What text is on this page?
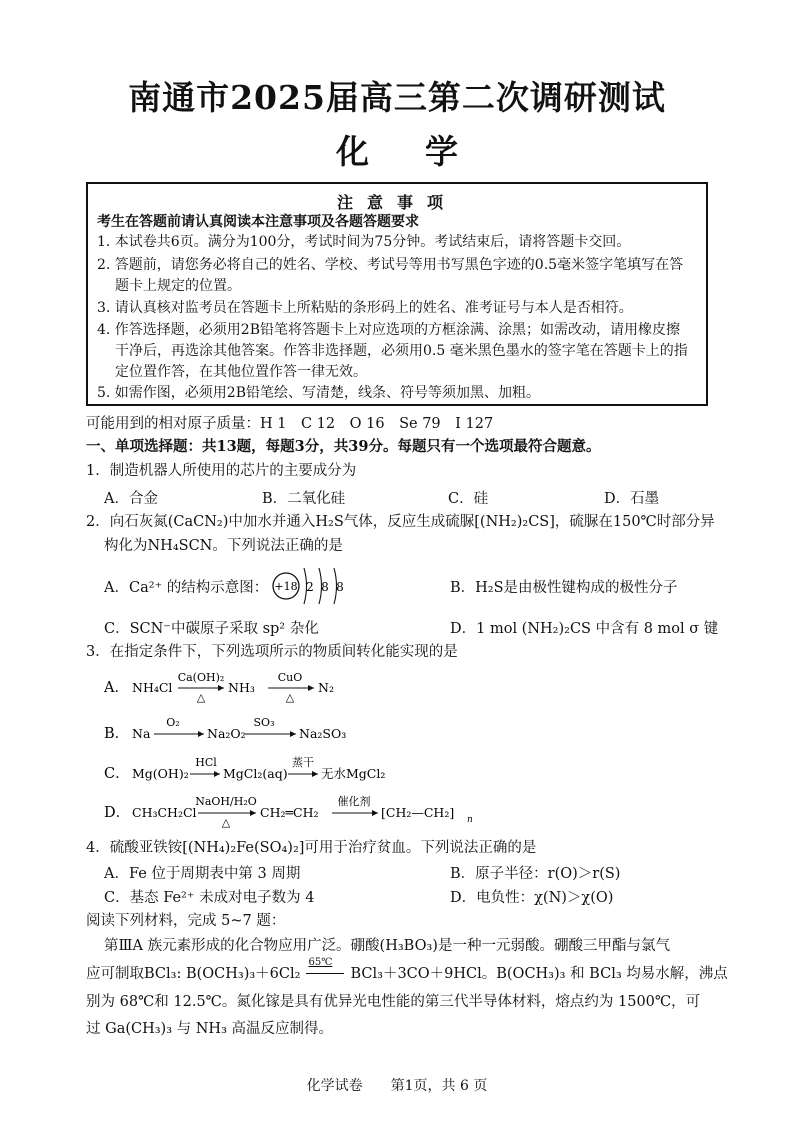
南通市2025届高三第二次调研测试
化 学
注意事项
考生在答题前请认真阅读本注意事项及各题答题要求
1. 本试卷共6页。满分为100分，考试时间为75分钟。考试结束后，请将答题卡交回。
2. 答题前，请您务必将自己的姓名、学校、考试号等用书写黑色字迹的0.5毫米签字笔填写在答
题卡上规定的位置。
3. 请认真核对监考员在答题卡上所粘贴的条形码上的姓名、准考证号与本人是否相符。
4. 作答选择题，必须用2B铅笔将答题卡上对应选项的方框涂满、涂黑；如需改动，请用橡皮擦
干净后，再选涂其他答案。作答非选择题，必须用0.5 毫米黑色墨水的签字笔在答题卡上的指
定位置作答，在其他位置作答一律无效。
5. 如需作图，必须用2B铅笔绘、写清楚，线条、符号等须加黑、加粗。
可能用到的相对原子质量：H 1　C 12　O 16　Se 79　I 127
一、单项选择题：共13题，每题3分，共39分。每题只有一个选项最符合题意。
1．制造机器人所使用的芯片的主要成分为
A．合金	B．二氧化硅	C．硅	D．石墨
2．向石灰氮(CaCN₂)中加水并通入H₂S气体，反应生成硫脲[(NH₂)₂CS]，硫脲在150℃时部分异
构化为NH₄SCN。下列说法正确的是
A．Ca²⁺ 的结构示意图： +18 2 8 8	B．H₂S是由极性键构成的极性分子
C．SCN⁻中碳原子采取 sp² 杂化	D．1 mol (NH₂)₂CS 中含有 8 mol σ 键
3．在指定条件下，下列选项所示的物质间转化能实现的是
A． NH₄Cl
Ca(OH)₂
△
NH₃
CuO
△
N₂
B． Na
O₂
Na₂O₂
SO₃
Na₂SO₃
C． Mg(OH)₂
HCl
MgCl₂(aq)
蒸干
无水MgCl₂
D． CH₃CH₂Cl
NaOH/H₂O
△
CH₂═CH₂
催化剂
[CH₂—CH₂] n
4．硫酸亚铁铵[(NH₄)₂Fe(SO₄)₂]可用于治疗贫血。下列说法正确的是
A．Fe 位于周期表中第 3 周期	B．原子半径：r(O)＞r(S)
C．基态 Fe²⁺ 未成对电子数为 4	D．电负性：χ(N)＞χ(O)
阅读下列材料，完成 5~7 题：
第ⅢA 族元素形成的化合物应用广泛。硼酸(H₃BO₃)是一种一元弱酸。硼酸三甲酯与氯气
应可制取BCl₃: B(OCH₃)₃＋6Cl₂
65℃
BCl₃＋3CO＋9HCl。B(OCH₃)₃ 和 BCl₃ 均易水解，沸点
别为 68℃和 12.5℃。氮化镓是具有优异光电性能的第三代半导体材料，熔点约为 1500℃，可
过 Ga(CH₃)₃ 与 NH₃ 高温反应制得。
化学试卷　　第1页，共 6 页
